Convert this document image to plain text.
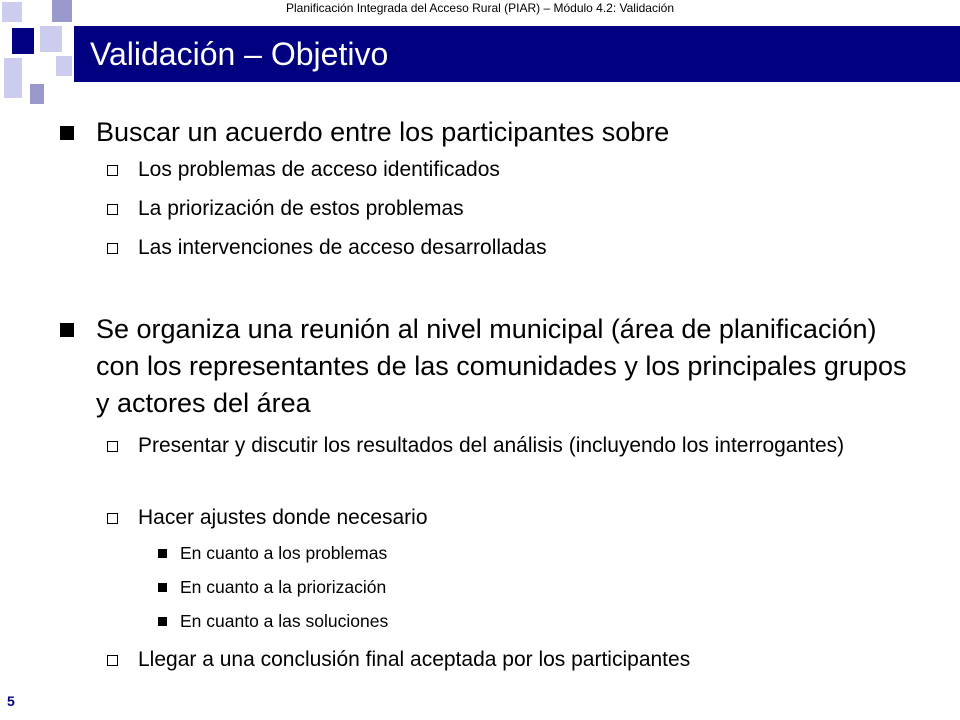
Planificación Integrada del Acceso Rural (PIAR) – Módulo 4.2: Validación
Validación – Objetivo
Buscar un acuerdo entre los participantes sobre
Los problemas de acceso identificados
La priorización de estos problemas
Las intervenciones de acceso desarrolladas
Se organiza una reunión al nivel municipal (área de planificación) con los representantes de las comunidades y los principales grupos y actores del área
Presentar y discutir los resultados del análisis (incluyendo los interrogantes)
Hacer ajustes donde necesario
En cuanto a los problemas
En cuanto a la priorización
En cuanto a las soluciones
Llegar a una conclusión final aceptada por los participantes
5
